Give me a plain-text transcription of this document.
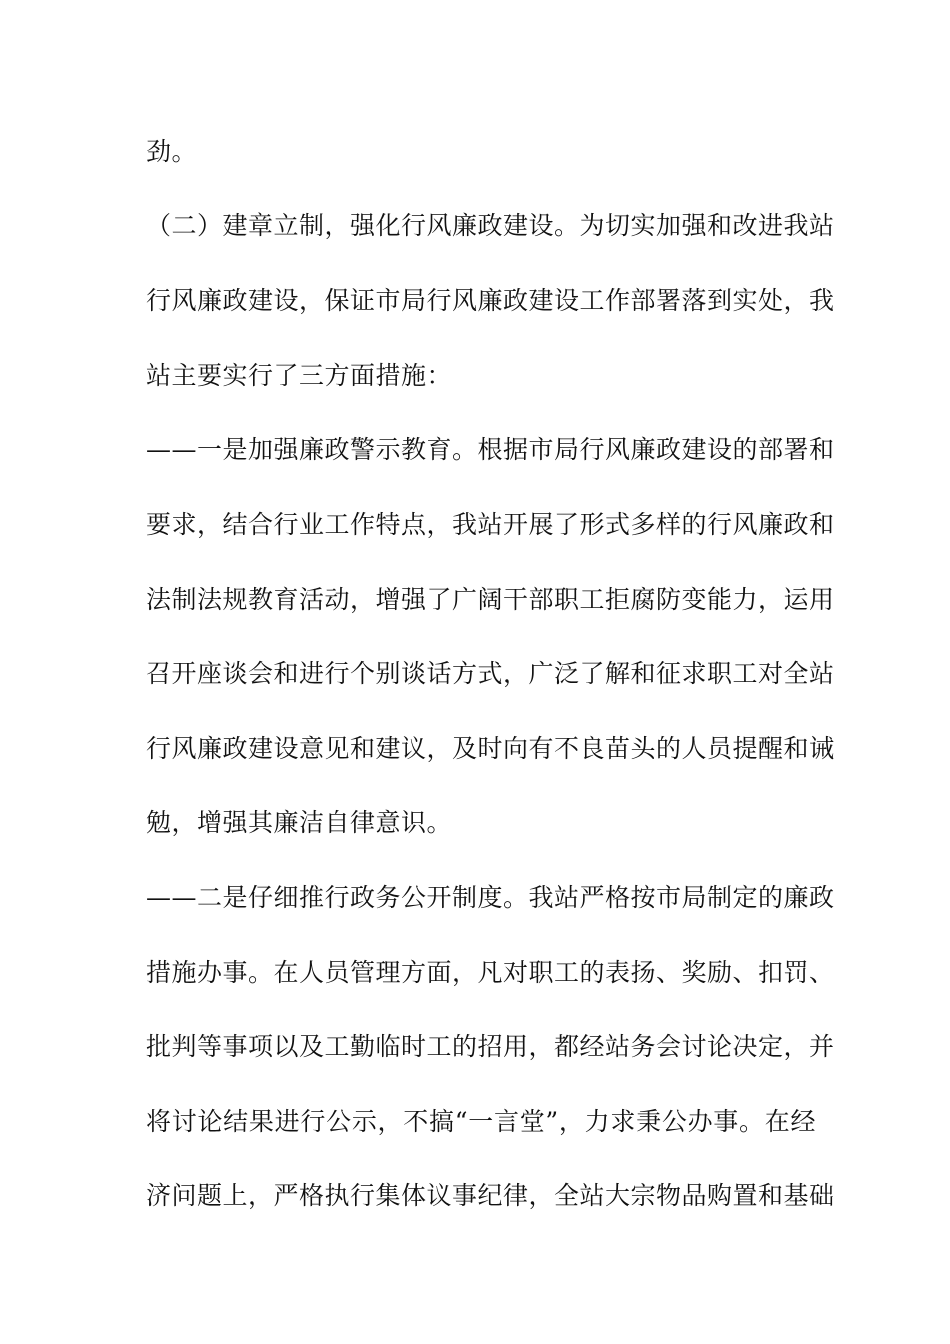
劲。
（二）建章立制，强化行风廉政建设。为切实加强和改进我站
行风廉政建设，保证市局行风廉政建设工作部署落到实处，我
站主要实行了三方面措施：
——一是加强廉政警示教育。根据市局行风廉政建设的部署和
要求，结合行业工作特点，我站开展了形式多样的行风廉政和
法制法规教育活动，增强了广阔干部职工拒腐防变能力，运用
召开座谈会和进行个别谈话方式，广泛了解和征求职工对全站
行风廉政建设意见和建议，及时向有不良苗头的人员提醒和诫
勉，增强其廉洁自律意识。
——二是仔细推行政务公开制度。我站严格按市局制定的廉政
措施办事。在人员管理方面，凡对职工的表扬、奖励、扣罚、
批判等事项以及工勤临时工的招用，都经站务会讨论决定，并
将讨论结果进行公示，不搞“一言堂”，力求秉公办事。在经
济问题上，严格执行集体议事纪律，全站大宗物品购置和基础
